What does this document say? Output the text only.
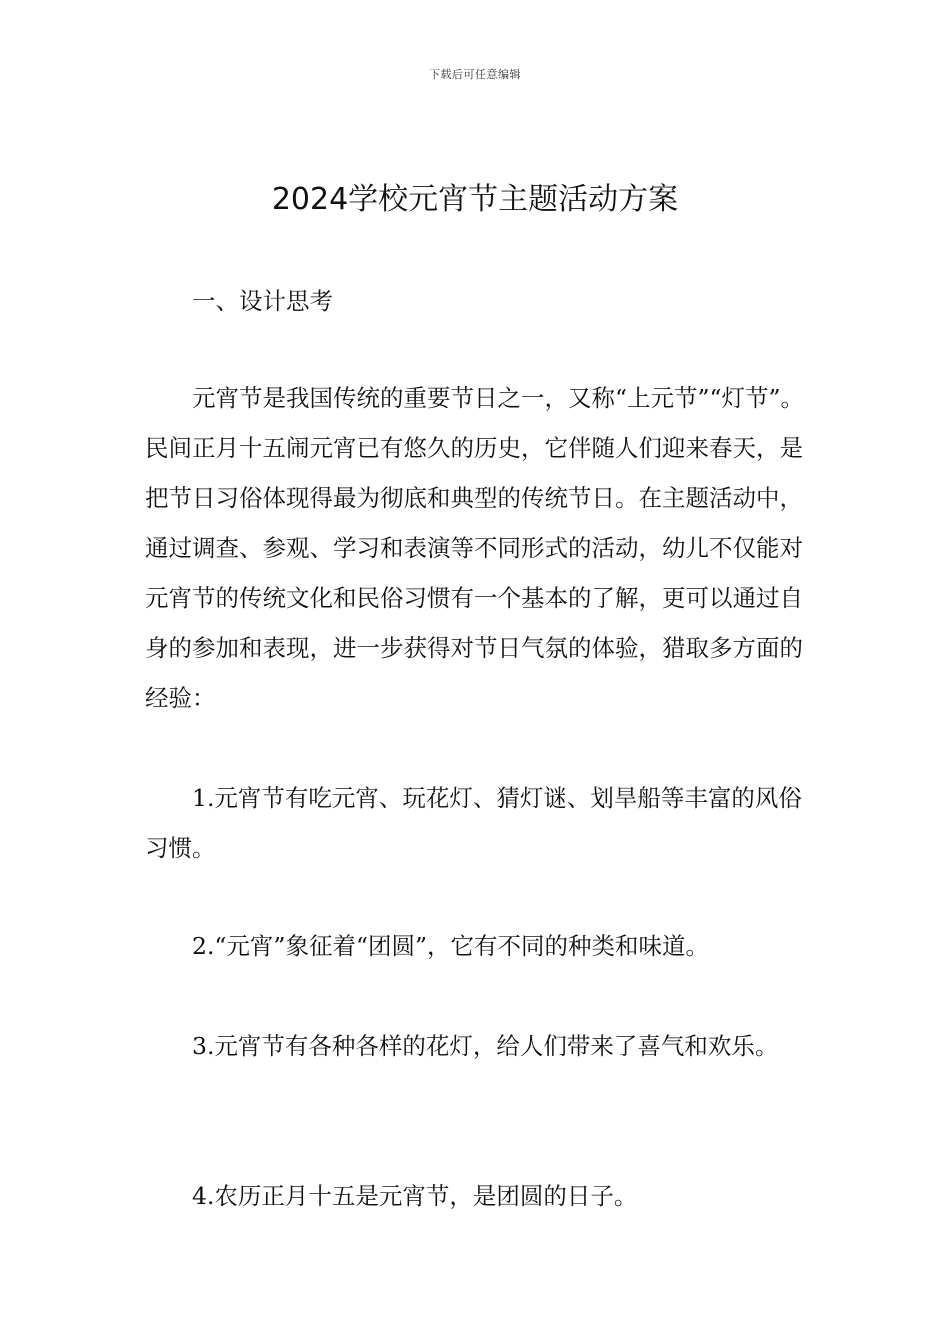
下载后可任意编辑
2024学校元宵节主题活动方案

一、设计思考

元宵节是我国传统的重要节日之一，又称“上元节”“灯节”。民间正月十五闹元宵已有悠久的历史，它伴随人们迎来春天，是把节日习俗体现得最为彻底和典型的传统节日。在主题活动中，通过调查、参观、学习和表演等不同形式的活动，幼儿不仅能对元宵节的传统文化和民俗习惯有一个基本的了解，更可以通过自身的参加和表现，进一步获得对节日气氛的体验，猎取多方面的经验：

1.元宵节有吃元宵、玩花灯、猜灯谜、划旱船等丰富的风俗习惯。

2.“元宵”象征着“团圆”，它有不同的种类和味道。

3.元宵节有各种各样的花灯，给人们带来了喜气和欢乐。

4.农历正月十五是元宵节，是团圆的日子。
